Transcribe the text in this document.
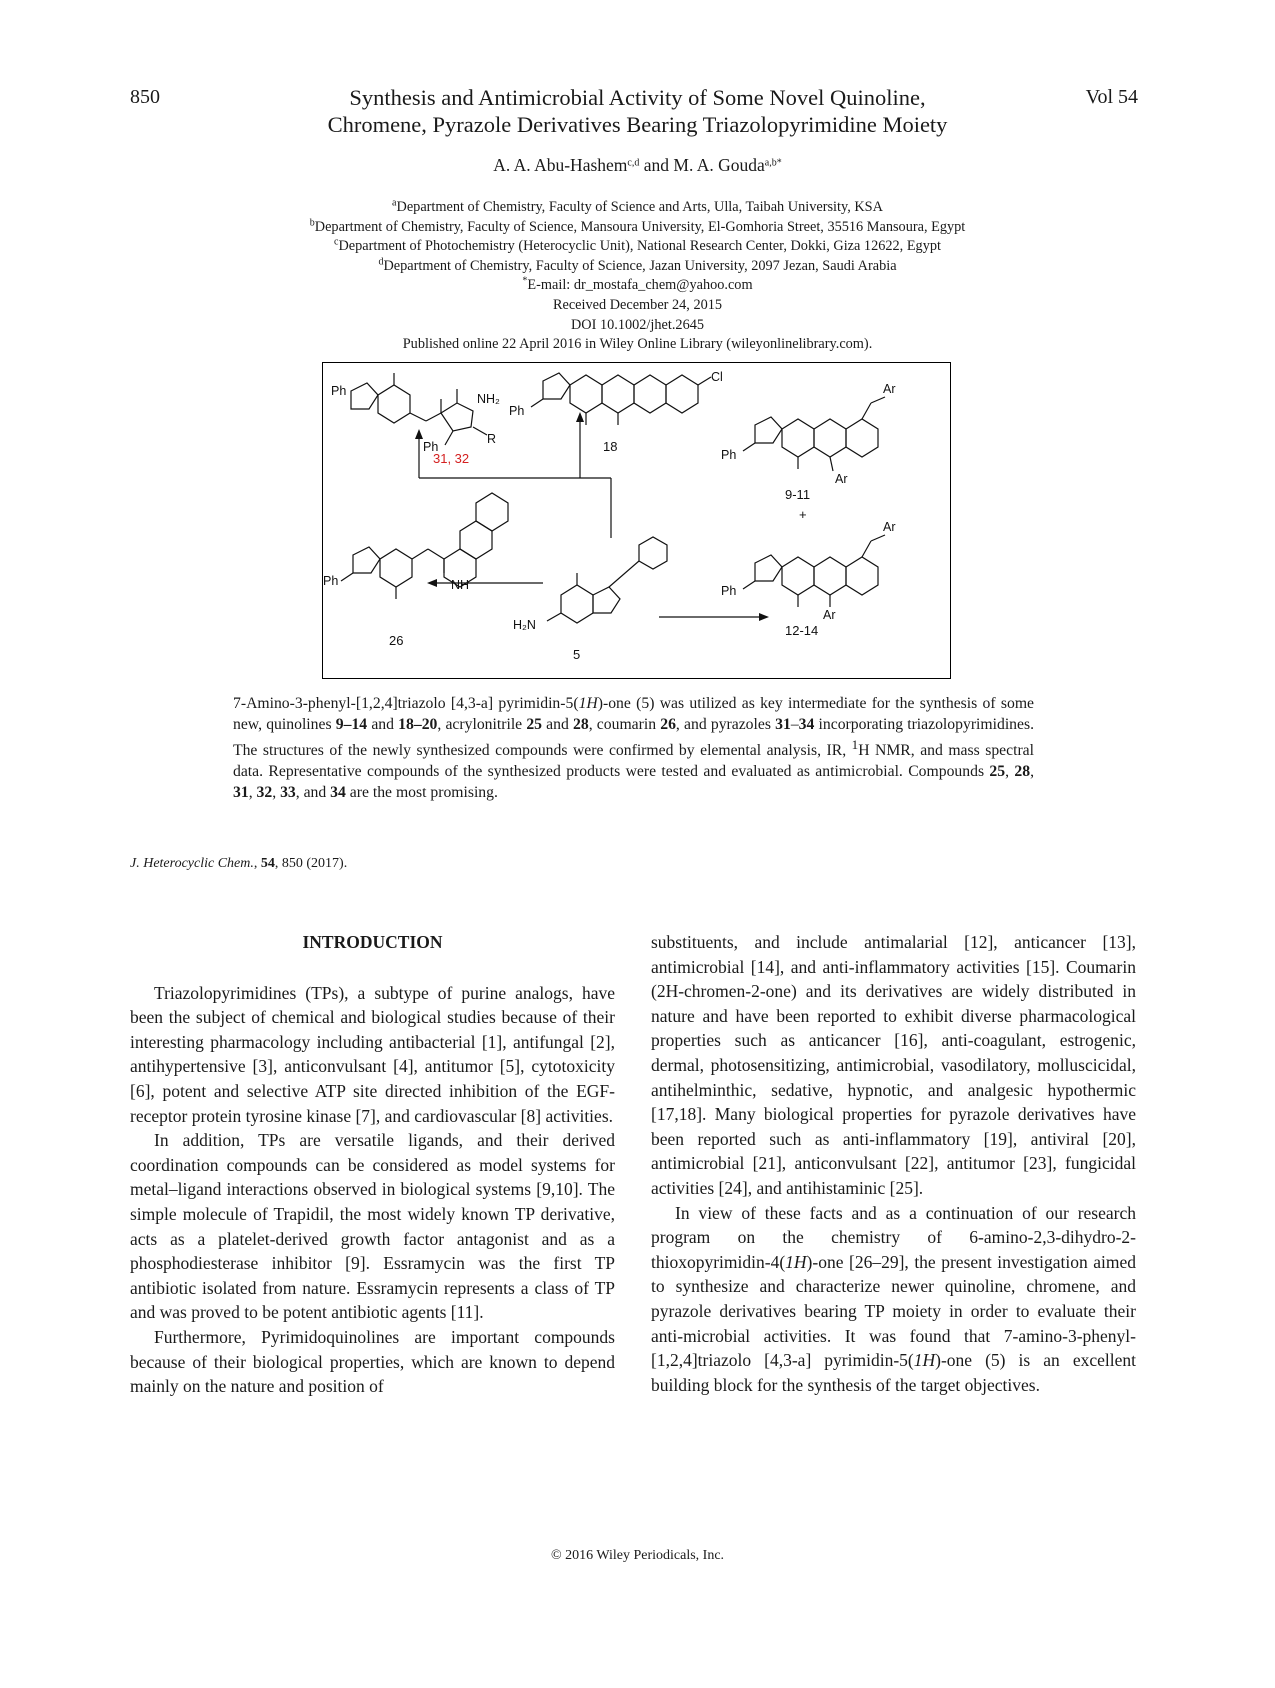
850	Vol 54
Synthesis and Antimicrobial Activity of Some Novel Quinoline,
Chromene, Pyrazole Derivatives Bearing Triazolopyrimidine Moiety
A. A. Abu-Hashem$^{c,d}$ and M. A. Gouda$^{a,b*}$
$^a$Department of Chemistry, Faculty of Science and Arts, Ulla, Taibah University, KSA
$^b$Department of Chemistry, Faculty of Science, Mansoura University, El-Gomhoria Street, 35516 Mansoura, Egypt
$^c$Department of Photochemistry (Heterocyclic Unit), National Research Center, Dokki, Giza 12622, Egypt
$^d$Department of Chemistry, Faculty of Science, Jazan University, 2097 Jezan, Saudi Arabia
*E-mail: dr_mostafa_chem@yahoo.com
Received December 24, 2015
DOI 10.1002/jhet.2645
Published online 22 April 2016 in Wiley Online Library (wileyonlinelibrary.com).
Ph
NH₂
Ph
R
31, 32
Ph
Cl
18
Ar
Ph
Ar
9-11
+
Ar
Ph
Ar
12-14
Ph	NH
26
H₂N
5

7-Amino-3-phenyl-[1,2,4]triazolo [4,3-a] pyrimidin-5(1H)-one (5) was utilized as key intermediate for the synthesis of some new, quinolines 9–14 and 18–20, acrylonitrile 25 and 28, coumarin 26, and pyrazoles 31–34 incorporating triazolopyrimidines. The structures of the newly synthesized compounds were confirmed by elemental analysis, IR, $^1$H NMR, and mass spectral data. Representative compounds of the synthesized products were tested and evaluated as antimicrobial. Compounds 25, 28, 31, 32, 33, and 34 are the most promising.

J. Heterocyclic Chem., 54, 850 (2017).

INTRODUCTION

Triazolopyrimidines (TPs), a subtype of purine analogs, have been the subject of chemical and biological studies because of their interesting pharmacology including antibacterial [1], antifungal [2], antihypertensive [3], anticonvulsant [4], antitumor [5], cytotoxicity [6], potent and selective ATP site directed inhibition of the EGF-receptor protein tyrosine kinase [7], and cardiovascular [8] activities.

In addition, TPs are versatile ligands, and their derived coordination compounds can be considered as model systems for metal–ligand interactions observed in biological systems [9,10]. The simple molecule of Trapidil, the most widely known TP derivative, acts as a platelet-derived growth factor antagonist and as a phosphodiesterase inhibitor [9]. Essramycin was the first TP antibiotic isolated from nature. Essramycin represents a class of TP and was proved to be potent antibiotic agents [11].

Furthermore, Pyrimidoquinolines are important compounds because of their biological properties, which are known to depend mainly on the nature and position of

substituents, and include antimalarial [12], anticancer [13], antimicrobial [14], and anti-inflammatory activities [15]. Coumarin (2H-chromen-2-one) and its derivatives are widely distributed in nature and have been reported to exhibit diverse pharmacological properties such as anticancer [16], anti-coagulant, estrogenic, dermal, photosensitizing, antimicrobial, vasodilatory, molluscicidal, antihelminthic, sedative, hypnotic, and analgesic hypothermic [17,18]. Many biological properties for pyrazole derivatives have been reported such as anti-inflammatory [19], antiviral [20], antimicrobial [21], anticonvulsant [22], antitumor [23], fungicidal activities [24], and antihistaminic [25].

In view of these facts and as a continuation of our research program on the chemistry of 6-amino-2,3-dihydro-2-thioxopyrimidin-4(1H)-one [26–29], the present investigation aimed to synthesize and characterize newer quinoline, chromene, and pyrazole derivatives bearing TP moiety in order to evaluate their anti-microbial activities. It was found that 7-amino-3-phenyl-[1,2,4]triazolo [4,3-a] pyrimidin-5(1H)-one (5) is an excellent building block for the synthesis of the target objectives.

© 2016 Wiley Periodicals, Inc.
